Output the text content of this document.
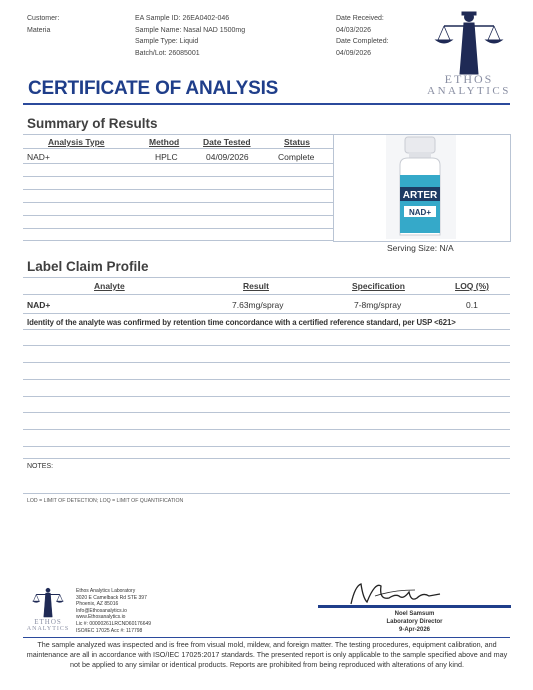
Customer:
Materia
EA Sample ID: 26EA0402-046
Sample Name: Nasal NAD 1500mg
Sample Type: Liquid
Batch/Lot: 26085001
Date Received:
04/03/2026
Date Completed:
04/09/2026
ETHOS
ANALYTICS
CERTIFICATE OF ANALYSIS
Summary of Results
Analysis Type	Method	Date Tested	Status
NAD+	HPLC	04/09/2026	Complete
ARTER
NAD+
Serving Size: N/A
Label Claim Profile
Analyte	Result	Specification	LOQ (%)
NAD+	7.63mg/spray	7-8mg/spray	0.1
Identity of the analyte was confirmed by retention time concordance with a certified reference standard, per USP <621>
NOTES:
LOD = LIMIT OF DETECTION; LOQ = LIMIT OF QUANTIFICATION
ETHOS
ANALYTICS
Ethos Analytics Laboratory
3020 E Camelback Rd STE 397
Phoenix, AZ 85016
Info@Ethosanalytics.io
www.Ethosanalytics.io
Lic #: 00000261LRCND60176649
ISO/IEC 17025 Acc #: 117798
Noel Samsum
Laboratory Director
9-Apr-2026
The sample analyzed was inspected and is free from visual mold, mildew, and foreign matter. The testing procedures, equipment calibration, and maintenance are all in accordance with ISO/IEC 17025:2017 standards. The presented report is only applicable to the sample specified above and may not be applied to any similar or identical products. Reports are prohibited from being reproduced with alterations of any kind.
